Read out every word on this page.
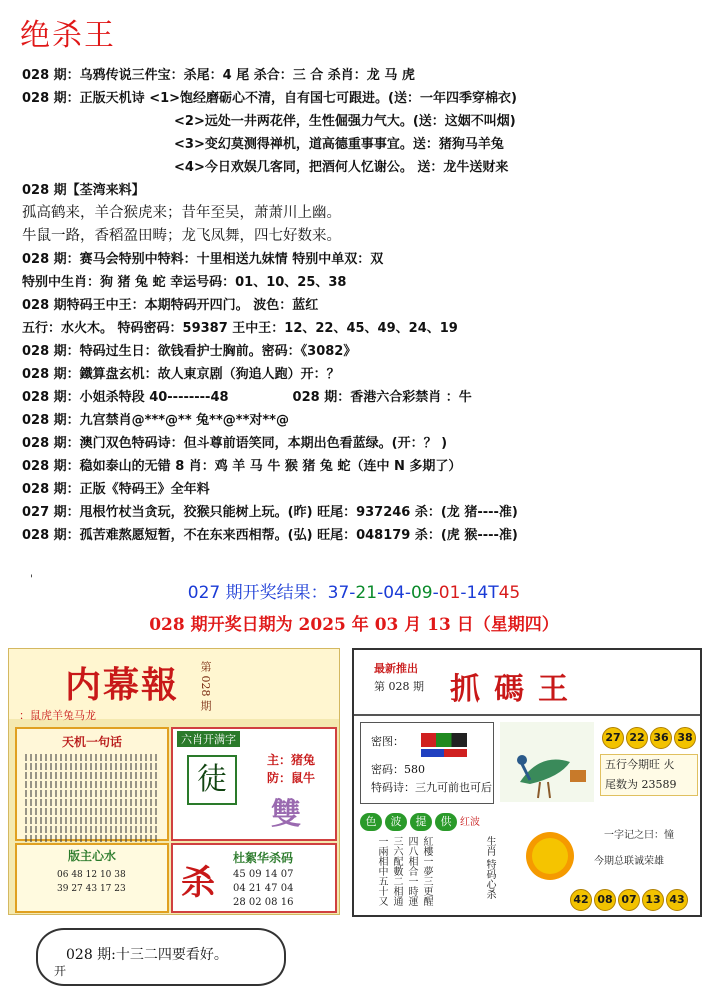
绝杀王
028 期：乌鸦传说三件宝：杀尾：4 尾 杀合：三 合 杀肖：龙 马 虎
028 期：正版天机诗 <1>饱经磨砺心不清，自有国七可跟进。(送：一年四季穿棉衣)
<2>远处一井两花伴，生性倔强力气大。(送：这姻不叫烟)
<3>变幻莫测得禅机，道高德重事事宜。送：猪狗马羊兔
<4>今日欢娱几客同，把酒何人忆谢公。 送：龙牛送财来
028 期【荃湾来料】
孤高鹤来，羊合猴虎来；昔年至吴，萧萧川上幽。
牛鼠一路，香稻盈田畴；龙飞凤舞，四七好数来。
028 期：赛马会特别中特料：十里相送九妹情 特别中单双：双
特别中生肖：狗 猪 兔 蛇 幸运号码：01、10、25、38
028 期特码王中王：本期特码开四门。 波色：蓝红
五行：水火木。 特码密码：59387 王中王：12、22、45、49、24、19
028 期：特码过生日：欲钱看护士胸前。密码：《3082》
028 期：鐵算盘玄机：故人東京剧（狗追人跑）开：？
028 期：小姐杀特段 40--------48	028 期：香港六合彩禁肖 ：牛
028 期：九宫禁肖@***@** 兔**@**对**@
028 期：澳门双色特码诗：但斗尊前语笑同，本期出色看蓝绿。(开：？ )
028 期：稳如泰山的无错 8 肖：鸡 羊 马 牛 猴 猪 兔 蛇（连中 N 多期了）
028 期：正版《特码王》全年料
027 期：甩根竹杖当贪玩，狡猴只能树上玩。(昨) 旺尾：937246 杀：(龙 猪----准)
028 期：孤苦难熬愿短暂，不在东来西相帮。(弘) 旺尾：048179 杀：(虎 猴----准)
'
027 期开奖结果：37-21-04-09-01-14T45
028 期开奖日期为 2025 年 03 月 13 日（星期四）
内幕報 第 028 期
：鼠虎羊兔马龙
天机一句话	六肖开满字
徒
主：猪兔
防：鼠牛
雙
版主心水
06 48 12 10 38
39 27 43 17 23	杀
杜絮华杀码
45 09 14 07
04 21 47 04
28 02 08 16
最新推出
第 028 期 抓碼王
密图：
密码：580
特码诗：三九可前也可后
27 22 36 38
五行今期旺 火
尾数为 23589
色 波 提 供 红波
紅樓一夢三更醒 四八相合一時運 三六配數二相通 一兩相中五十又	生肖 特码心杀
一字记之曰：憧
今期总联诚荣雄
42 08 07 13 43
028 期:十三二四要看好。
开
